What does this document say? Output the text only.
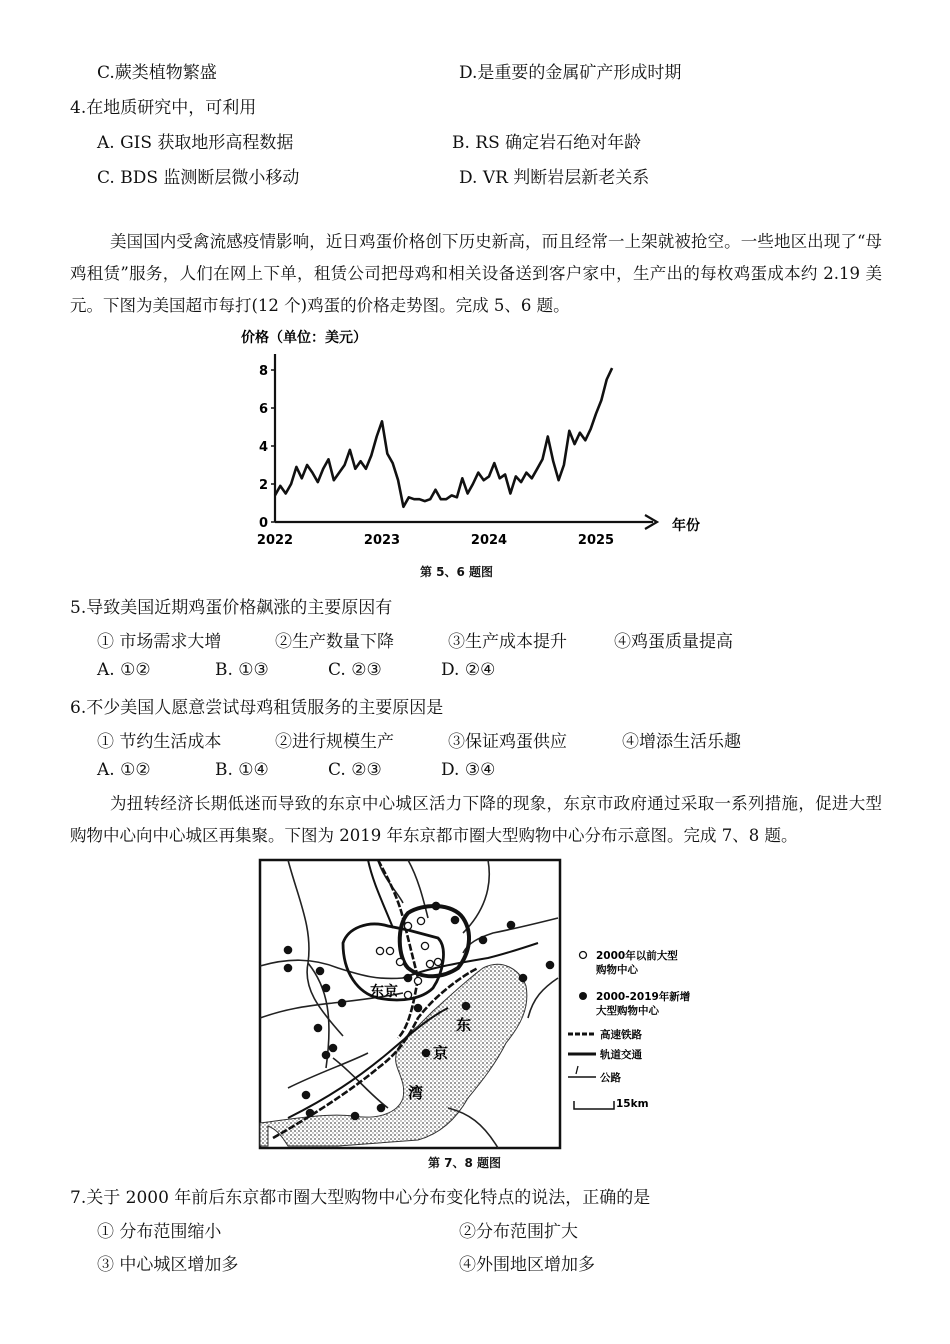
C.蕨类植物繁盛	D.是重要的金属矿产形成时期
4.在地质研究中，可利用
A. GIS 获取地形高程数据	B. RS 确定岩石绝对年龄
C. BDS 监测断层微小移动	D. VR 判断岩层新老关系
美国国内受禽流感疫情影响，近日鸡蛋价格创下历史新高，而且经常一上架就被抢空。一些地区出现了“母鸡租赁”服务，人们在网上下单，租赁公司把母鸡和相关设备送到客户家中，生产出的每枚鸡蛋成本约 2.19 美元。下图为美国超市每打(12 个)鸡蛋的价格走势图。完成 5、6 题。
价格（单位：美元）
年份
0
2
4
6
8
2022	2023	2024	2025
第 5、6 题图
5.导致美国近期鸡蛋价格飙涨的主要原因有
① 市场需求大增	②生产数量下降	③生产成本提升	④鸡蛋质量提高
A. ①②	B. ①③	C. ②③	D. ②④
6.不少美国人愿意尝试母鸡租赁服务的主要原因是
① 节约生活成本	②进行规模生产	③保证鸡蛋供应	④增添生活乐趣
A. ①②	B. ①④	C. ②③	D. ③④
为扭转经济长期低迷而导致的东京中心城区活力下降的现象，东京市政府通过采取一系列措施，促进大型购物中心向中心城区再集聚。下图为 2019 年东京都市圈大型购物中心分布示意图。完成 7、8 题。
东京
东
京
湾
2000年以前大型
购物中心
2000-2019年新增
大型购物中心
高速铁路
轨道交通
公路
15km
第 7、8 题图
7.关于 2000 年前后东京都市圈大型购物中心分布变化特点的说法，正确的是
① 分布范围缩小	②分布范围扩大
③ 中心城区增加多	④外围地区增加多
